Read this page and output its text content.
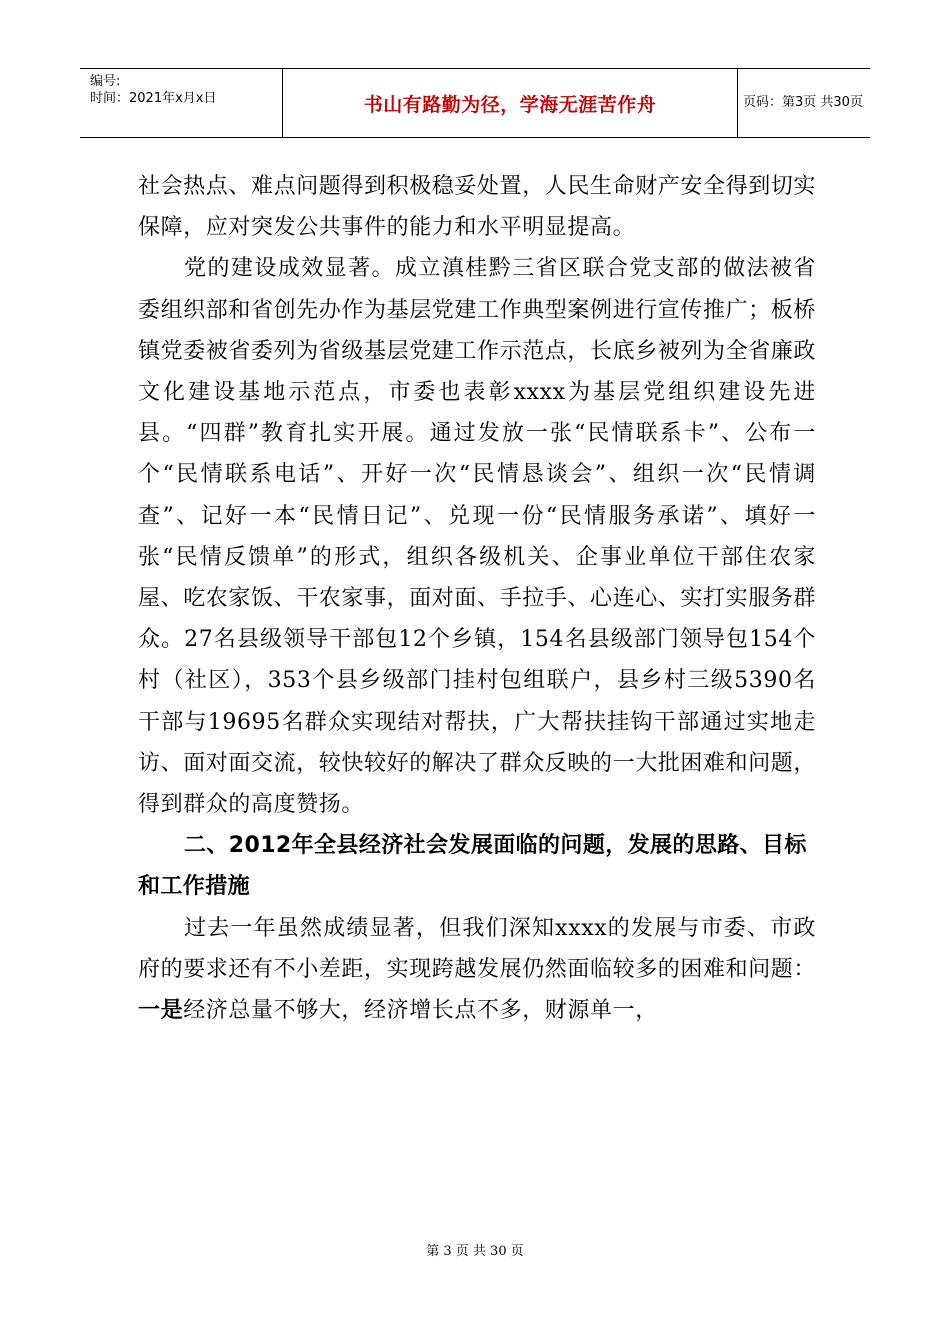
编号:
时间：2021年x月x日	书山有路勤为径，学海无涯苦作舟	页码：第3页 共30页

社会热点、难点问题得到积极稳妥处置，人民生命财产安全得到切实保障，应对突发公共事件的能力和水平明显提高。

党的建设成效显著。成立滇桂黔三省区联合党支部的做法被省委组织部和省创先办作为基层党建工作典型案例进行宣传推广；板桥镇党委被省委列为省级基层党建工作示范点，长底乡被列为全省廉政文化建设基地示范点，市委也表彰xxxx为基层党组织建设先进县。“四群”教育扎实开展。通过发放一张“民情联系卡”、公布一个“民情联系电话”、开好一次“民情恳谈会”、组织一次“民情调查”、记好一本“民情日记”、兑现一份“民情服务承诺”、填好一张“民情反馈单”的形式，组织各级机关、企事业单位干部住农家屋、吃农家饭、干农家事，面对面、手拉手、心连心、实打实服务群众。27名县级领导干部包12个乡镇，154名县级部门领导包154个村（社区），353个县乡级部门挂村包组联户，县乡村三级5390名干部与19695名群众实现结对帮扶，广大帮扶挂钩干部通过实地走访、面对面交流，较快较好的解决了群众反映的一大批困难和问题，得到群众的高度赞扬。

二、2012年全县经济社会发展面临的问题，发展的思路、目标和工作措施

过去一年虽然成绩显著，但我们深知xxxx的发展与市委、市政府的要求还有不小差距，实现跨越发展仍然面临较多的困难和问题：一是经济总量不够大，经济增长点不多，财源单一，

第 3 页 共 30 页
